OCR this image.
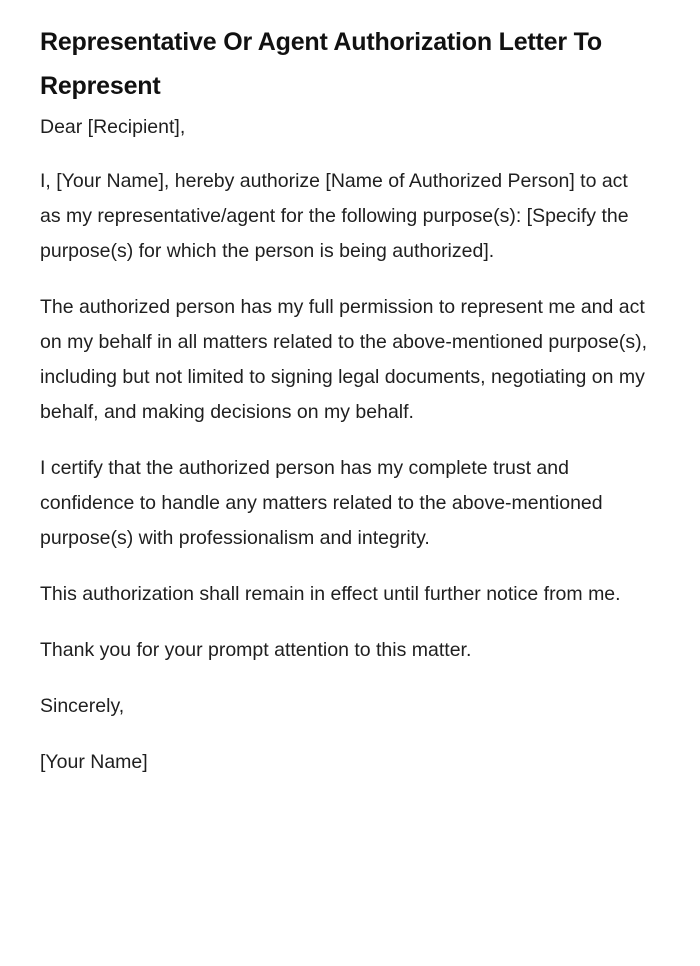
Representative Or Agent Authorization Letter To Represent

Dear [Recipient],

I, [Your Name], hereby authorize [Name of Authorized Person] to act as my representative/agent for the following purpose(s): [Specify the purpose(s) for which the person is being authorized].

The authorized person has my full permission to represent me and act on my behalf in all matters related to the above-mentioned purpose(s), including but not limited to signing legal documents, negotiating on my behalf, and making decisions on my behalf.

I certify that the authorized person has my complete trust and confidence to handle any matters related to the above-mentioned purpose(s) with professionalism and integrity.

This authorization shall remain in effect until further notice from me.

Thank you for your prompt attention to this matter.

Sincerely,

[Your Name]
